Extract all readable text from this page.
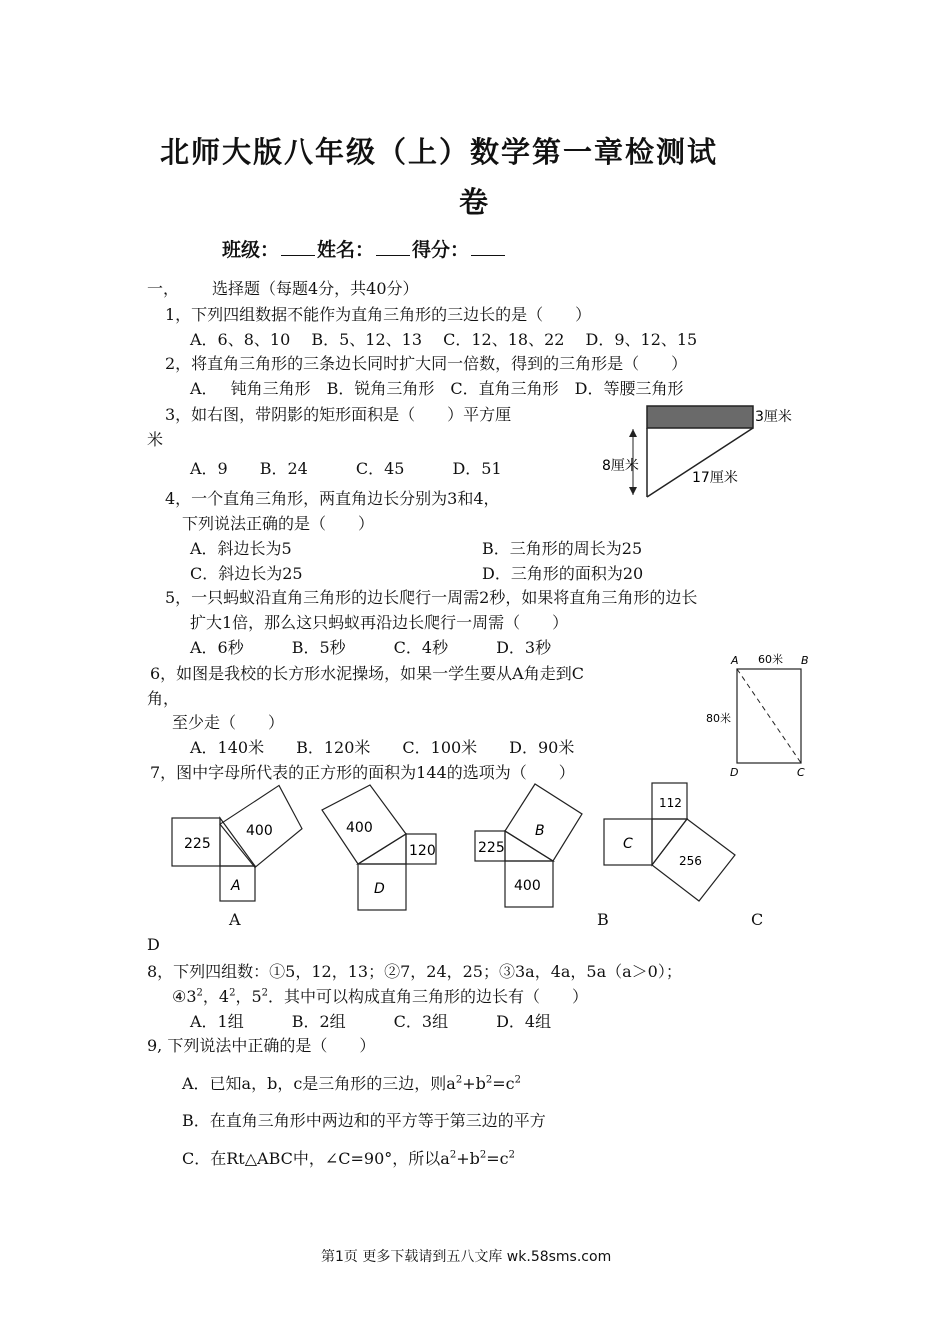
北师大版八年级（上）数学第一章检测试
卷
班级： 姓名： 得分：
一， 选择题（每题4分，共40分）
1，下列四组数据不能作为直角三角形的三边长的是（　　）
A．6、8、10　 B．5、12、13　 C．12、18、22　 D．9、12、15
2，将直角三角形的三条边长同时扩大同一倍数，得到的三角形是（　　）
A．　 钝角三角形　B．锐角三角形　C．直角三角形　D．等腰三角形
3，如右图，带阴影的矩形面积是（　　）平方厘
米
A．9　　B．24　　　C．45　　　D．51
3厘米
8厘米
17厘米
4，一个直角三角形，两直角边长分别为3和4，
下列说法正确的是（　　）
A．斜边长为5	B．三角形的周长为25
C．斜边长为25	D．三角形的面积为20
5，一只蚂蚁沿直角三角形的边长爬行一周需2秒，如果将直角三角形的边长
扩大1倍，那么这只蚂蚁再沿边长爬行一周需（　　）
A．6秒　　　B．5秒　　　C．4秒　　　D．3秒
6，如图是我校的长方形水泥操场，如果一学生要从A角走到C
角，
至少走（　　）
A．140米　　B．120米　　C．100米　　D．90米
A	B
C
D
60米
80米
7，图中字母所代表的正方形的面积为144的选项为（　　）
225
400
A
400
120
D
225
B
400
112
C
256
A	B	C
D
8，下列四组数：①5，12，13；②7，24，25；③3a，4a，5a（a＞0）；
$④3^2$，$4^2$，$5^2$．其中可以构成直角三角形的边长有（　　）
A．1组　　　B．2组　　　C．3组　　　D．4组
9, 下列说法中正确的是（　　）
A．已知a，b，c是三角形的三边，则$a^2+b^2=c^2$
B．在直角三角形中两边和的平方等于第三边的平方
C．在Rt△ABC中，∠C=90°，所以$a^2+b^2=c^2$
第1页 更多下载请到五八文库 wk.58sms.com
